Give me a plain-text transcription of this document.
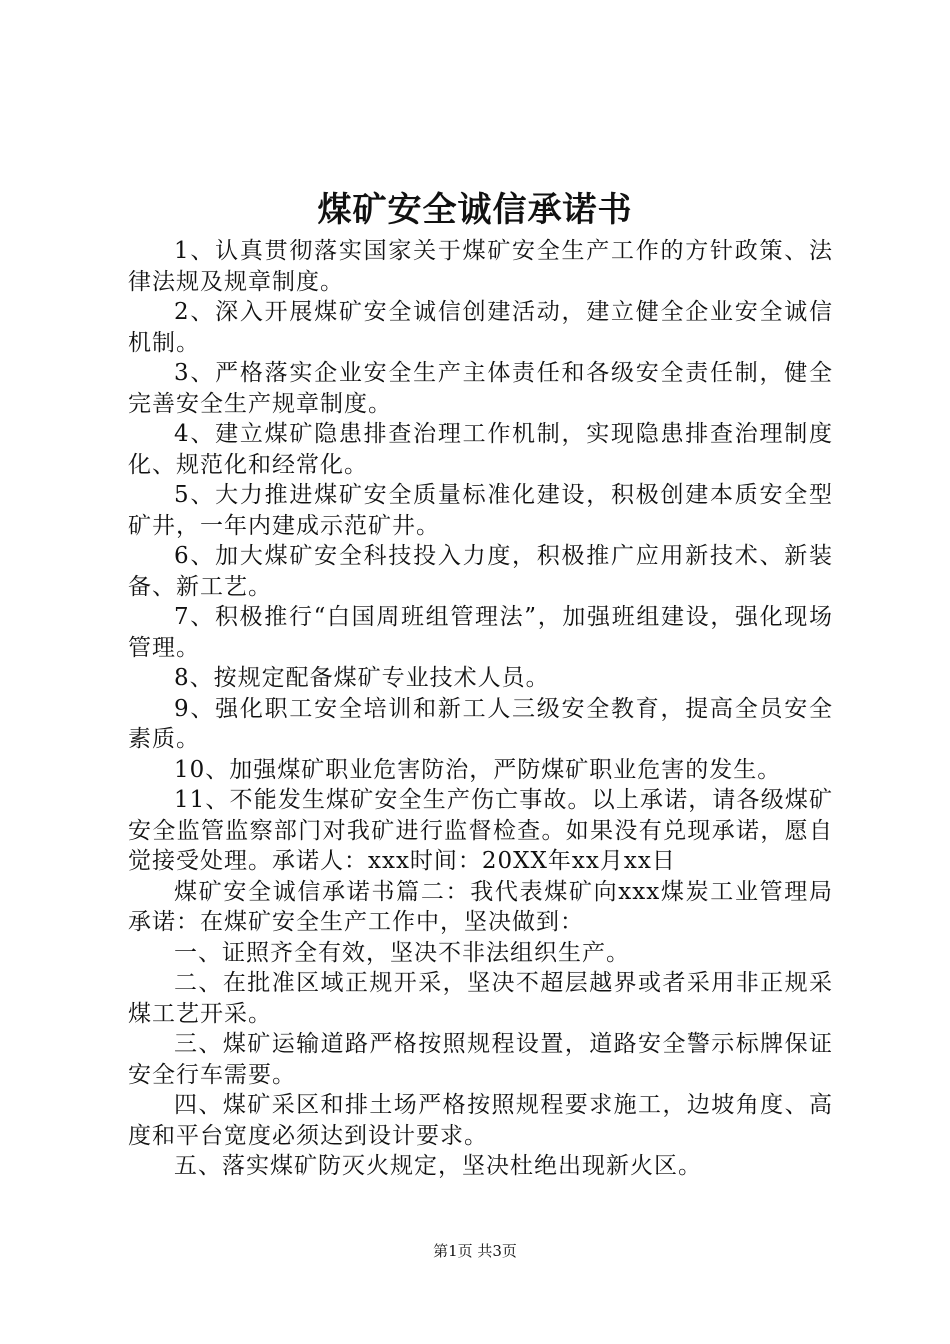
煤矿安全诚信承诺书

1、认真贯彻落实国家关于煤矿安全生产工作的方针政策、法律法规及规章制度。

2、深入开展煤矿安全诚信创建活动，建立健全企业安全诚信机制。

3、严格落实企业安全生产主体责任和各级安全责任制，健全完善安全生产规章制度。

4、建立煤矿隐患排查治理工作机制，实现隐患排查治理制度化、规范化和经常化。

5、大力推进煤矿安全质量标准化建设，积极创建本质安全型矿井，一年内建成示范矿井。

6、加大煤矿安全科技投入力度，积极推广应用新技术、新装备、新工艺。

7、积极推行“白国周班组管理法”，加强班组建设，强化现场管理。

8、按规定配备煤矿专业技术人员。

9、强化职工安全培训和新工人三级安全教育，提高全员安全素质。

10、加强煤矿职业危害防治，严防煤矿职业危害的发生。

11、不能发生煤矿安全生产伤亡事故。以上承诺，请各级煤矿安全监管监察部门对我矿进行监督检查。如果没有兑现承诺，愿自觉接受处理。承诺人：xxx时间：20XX年xx月xx日

煤矿安全诚信承诺书篇二：我代表煤矿向xxx煤炭工业管理局承诺：在煤矿安全生产工作中，坚决做到：

一、证照齐全有效，坚决不非法组织生产。

二、在批准区域正规开采，坚决不超层越界或者采用非正规采煤工艺开采。

三、煤矿运输道路严格按照规程设置，道路安全警示标牌保证安全行车需要。

四、煤矿采区和排土场严格按照规程要求施工，边坡角度、高度和平台宽度必须达到设计要求。

五、落实煤矿防灭火规定，坚决杜绝出现新火区。

第1页 共3页
